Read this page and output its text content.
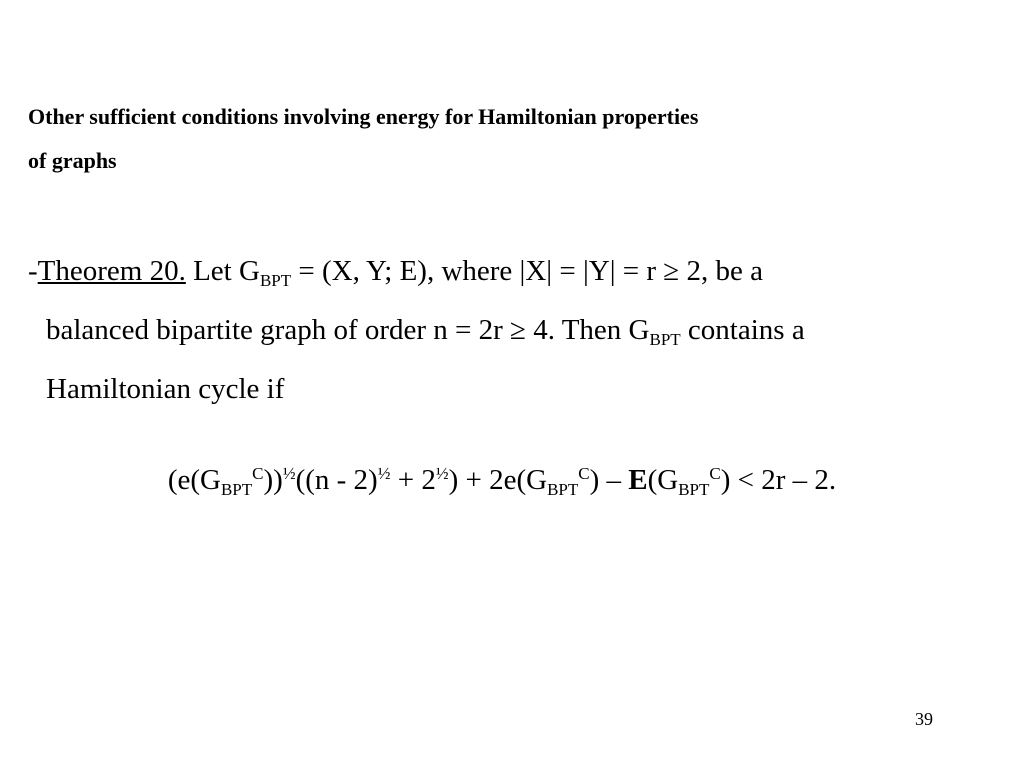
Other sufficient conditions involving energy for Hamiltonian properties
of graphs
-Theorem 20. Let $G_{BPT} = (X$, Y; E), where |X| = |Y| = r ≥ 2, be a
balanced bipartite graph of order n = 2r ≥ 4. Then $G_{BPT}$ contains a
Hamiltonian cycle if
$(e(G_{BPT}^C))^{\frac{1}{2}}((n - 2)^{\frac{1}{2}} + 2^{\frac{1}{2}}) + 2e(G_{BPT}^C) - E(G_{BPT}^C) < 2r - 2$.
39
